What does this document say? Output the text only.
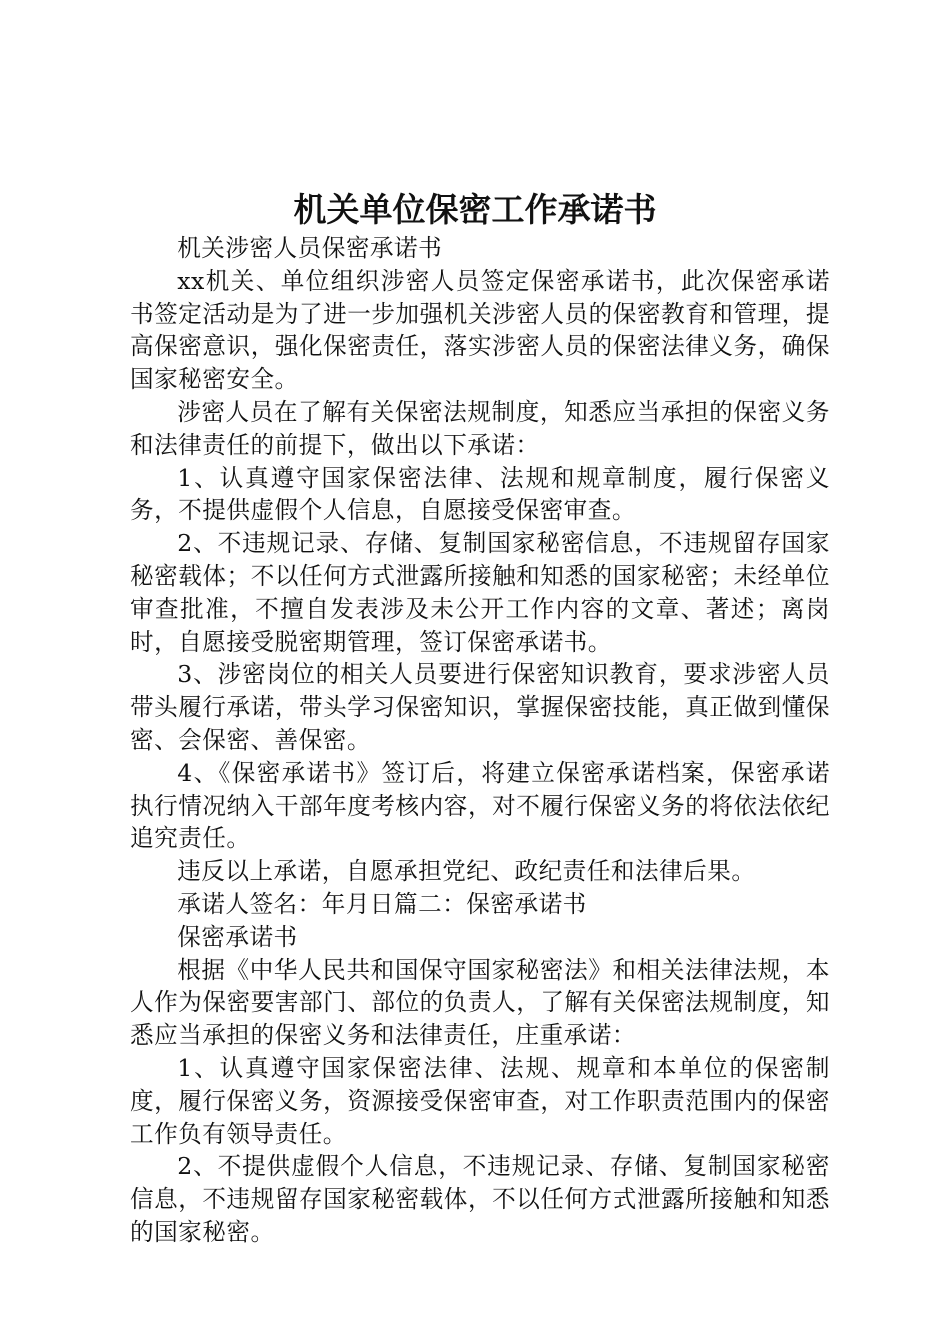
机关单位保密工作承诺书

机关涉密人员保密承诺书

xx机关、单位组织涉密人员签定保密承诺书，此次保密承诺书签定活动是为了进一步加强机关涉密人员的保密教育和管理，提高保密意识，强化保密责任，落实涉密人员的保密法律义务，确保国家秘密安全。

涉密人员在了解有关保密法规制度，知悉应当承担的保密义务和法律责任的前提下，做出以下承诺：

1、认真遵守国家保密法律、法规和规章制度，履行保密义务，不提供虚假个人信息，自愿接受保密审查。

2、不违规记录、存储、复制国家秘密信息，不违规留存国家秘密载体；不以任何方式泄露所接触和知悉的国家秘密；未经单位审查批准，不擅自发表涉及未公开工作内容的文章、著述；离岗时，自愿接受脱密期管理，签订保密承诺书。

3、涉密岗位的相关人员要进行保密知识教育，要求涉密人员带头履行承诺，带头学习保密知识，掌握保密技能，真正做到懂保密、会保密、善保密。

4、《保密承诺书》签订后，将建立保密承诺档案，保密承诺执行情况纳入干部年度考核内容，对不履行保密义务的将依法依纪追究责任。

违反以上承诺，自愿承担党纪、政纪责任和法律后果。

承诺人签名：年月日篇二：保密承诺书

保密承诺书

根据《中华人民共和国保守国家秘密法》和相关法律法规，本人作为保密要害部门、部位的负责人，了解有关保密法规制度，知悉应当承担的保密义务和法律责任，庄重承诺：

1、认真遵守国家保密法律、法规、规章和本单位的保密制度，履行保密义务，资源接受保密审查，对工作职责范围内的保密工作负有领导责任。

2、不提供虚假个人信息，不违规记录、存储、复制国家秘密信息，不违规留存国家秘密载体，不以任何方式泄露所接触和知悉的国家秘密。
